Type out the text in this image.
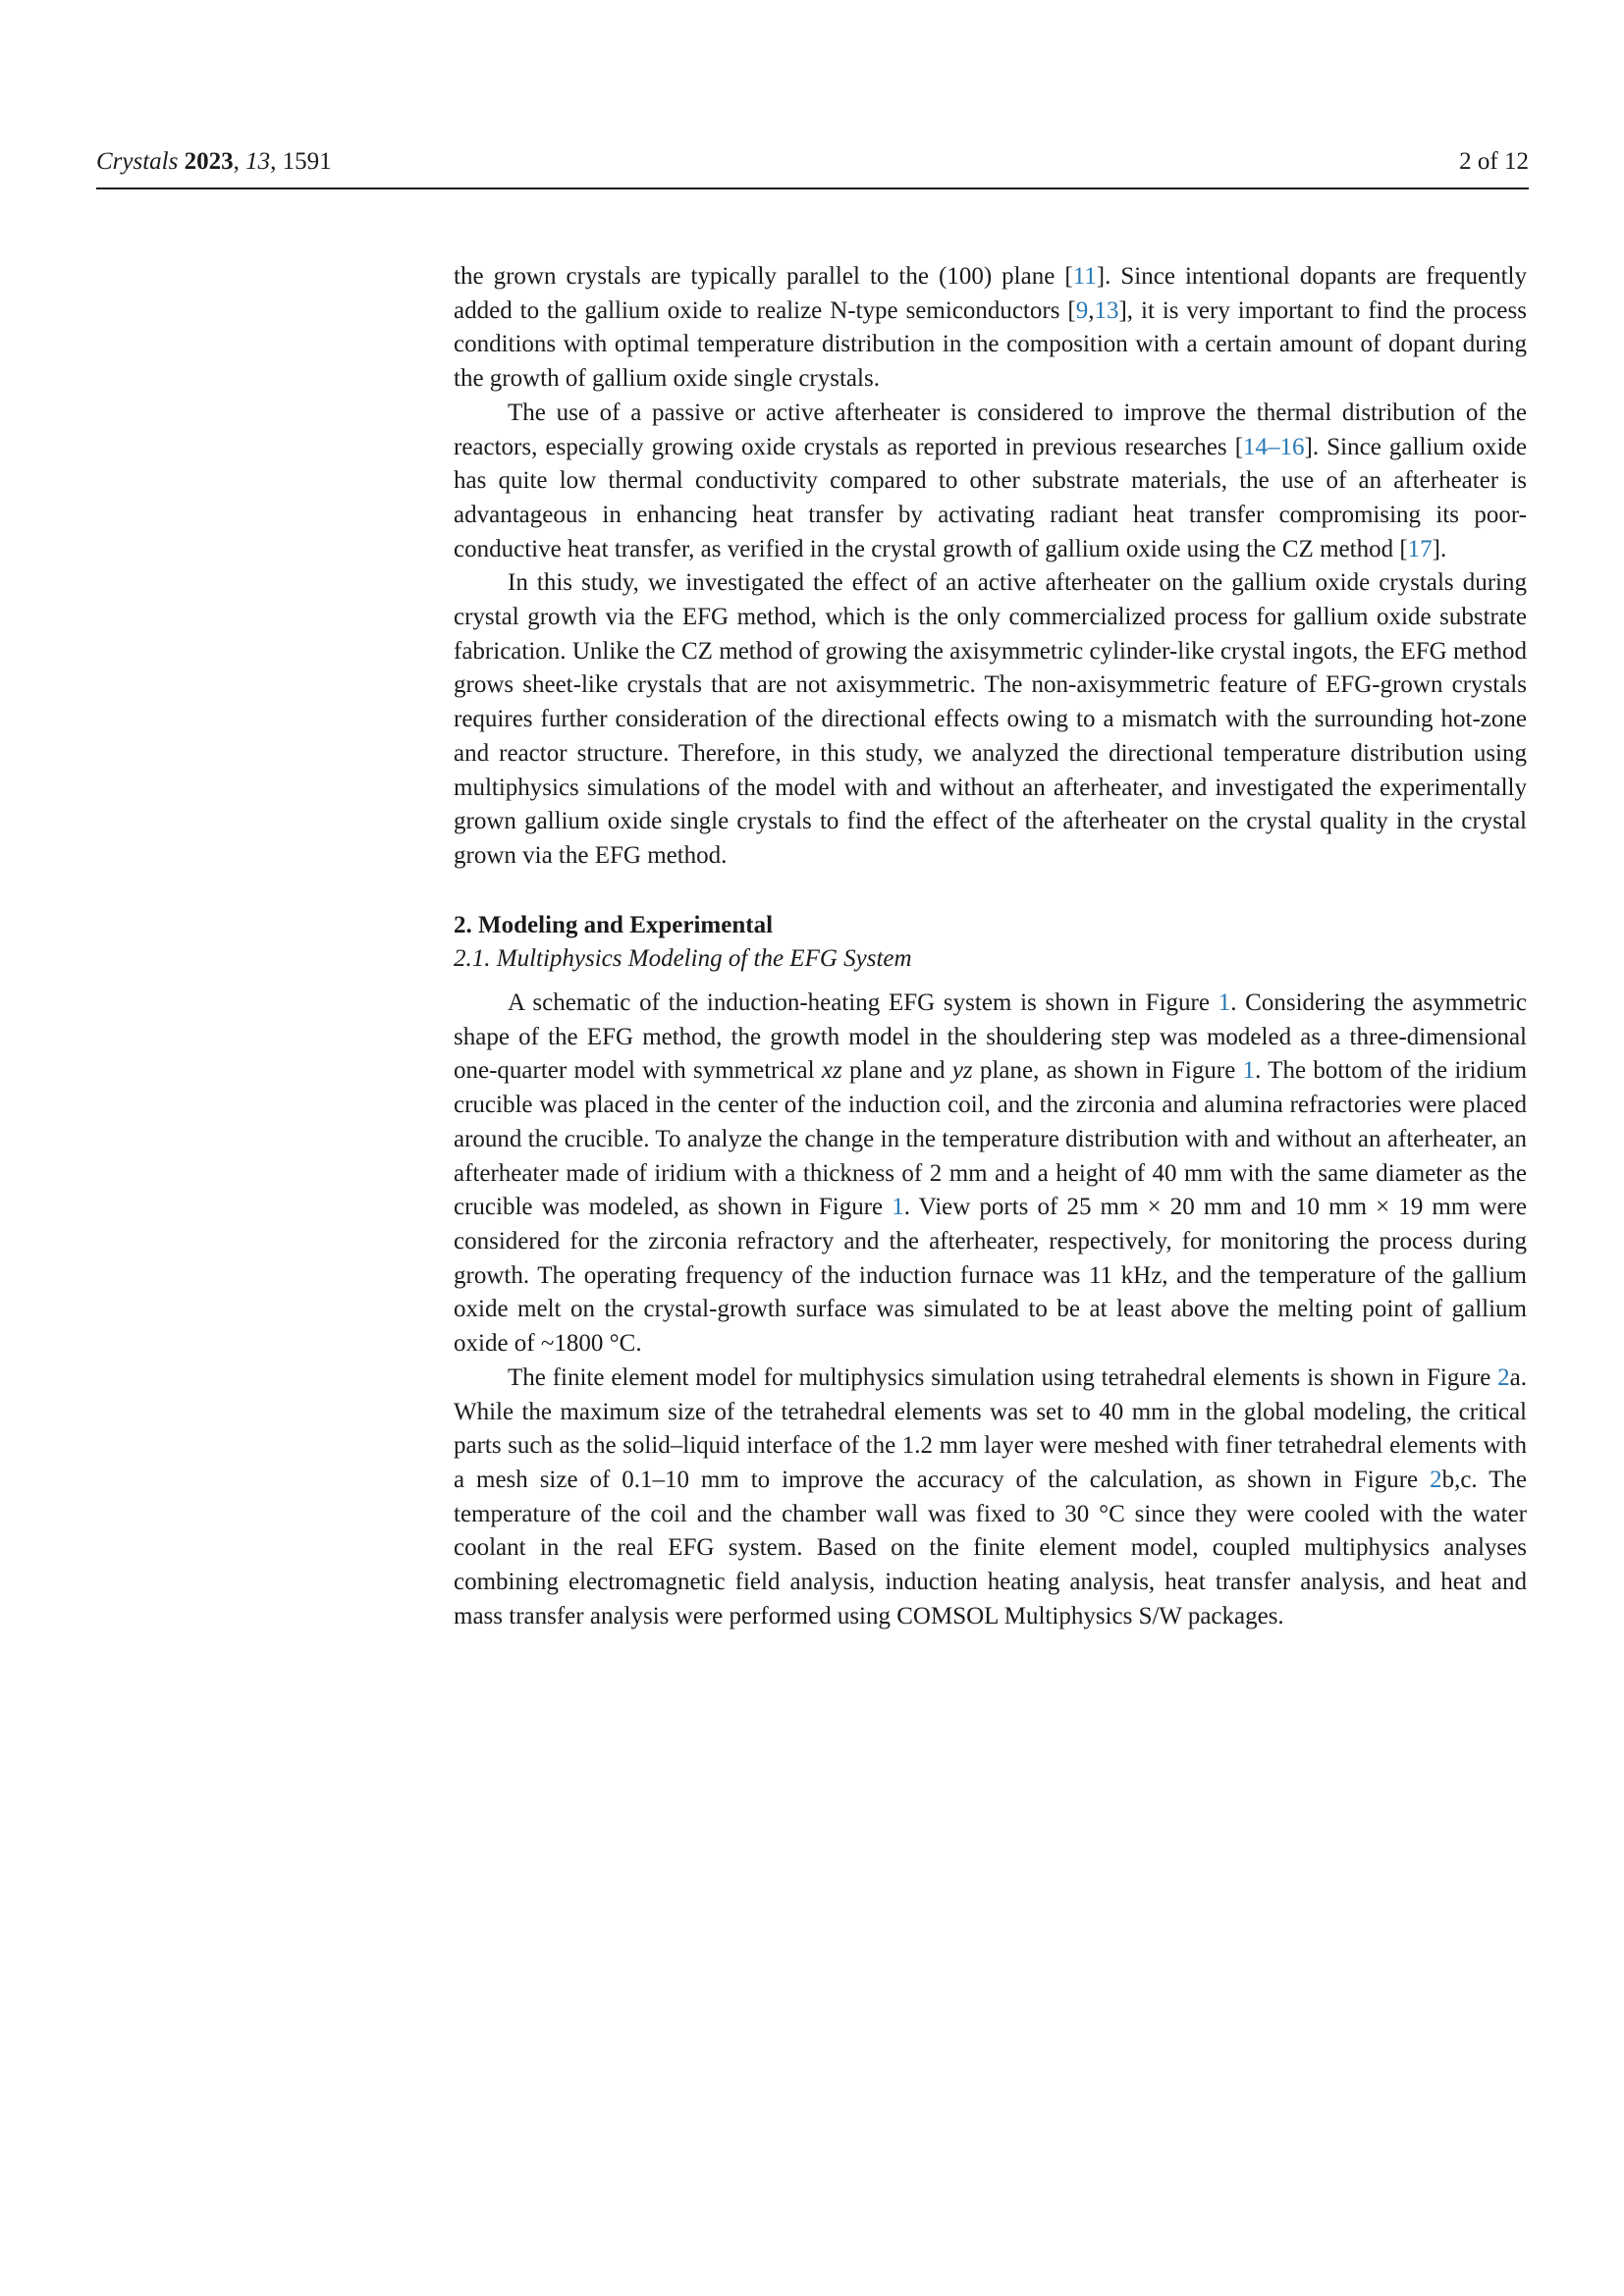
Crystals 2023, 13, 1591	2 of 12

the grown crystals are typically parallel to the (100) plane [11]. Since intentional dopants are frequently added to the gallium oxide to realize N-type semiconductors [9,13], it is very important to find the process conditions with optimal temperature distribution in the composition with a certain amount of dopant during the growth of gallium oxide single crystals.

The use of a passive or active afterheater is considered to improve the thermal distribution of the reactors, especially growing oxide crystals as reported in previous researches [14–16]. Since gallium oxide has quite low thermal conductivity compared to other substrate materials, the use of an afterheater is advantageous in enhancing heat transfer by activating radiant heat transfer compromising its poor-conductive heat transfer, as verified in the crystal growth of gallium oxide using the CZ method [17].

In this study, we investigated the effect of an active afterheater on the gallium oxide crystals during crystal growth via the EFG method, which is the only commercialized process for gallium oxide substrate fabrication. Unlike the CZ method of growing the axisymmetric cylinder-like crystal ingots, the EFG method grows sheet-like crystals that are not axisymmetric. The non-axisymmetric feature of EFG-grown crystals requires further consideration of the directional effects owing to a mismatch with the surrounding hot-zone and reactor structure. Therefore, in this study, we analyzed the directional temperature distribution using multiphysics simulations of the model with and without an afterheater, and investigated the experimentally grown gallium oxide single crystals to find the effect of the afterheater on the crystal quality in the crystal grown via the EFG method.

2. Modeling and Experimental
2.1. Multiphysics Modeling of the EFG System

A schematic of the induction-heating EFG system is shown in Figure 1. Considering the asymmetric shape of the EFG method, the growth model in the shouldering step was modeled as a three-dimensional one-quarter model with symmetrical xz plane and yz plane, as shown in Figure 1. The bottom of the iridium crucible was placed in the center of the induction coil, and the zirconia and alumina refractories were placed around the crucible. To analyze the change in the temperature distribution with and without an afterheater, an afterheater made of iridium with a thickness of 2 mm and a height of 40 mm with the same diameter as the crucible was modeled, as shown in Figure 1. View ports of 25 mm × 20 mm and 10 mm × 19 mm were considered for the zirconia refractory and the afterheater, respectively, for monitoring the process during growth. The operating frequency of the induction furnace was 11 kHz, and the temperature of the gallium oxide melt on the crystal-growth surface was simulated to be at least above the melting point of gallium oxide of ~1800 °C.

The finite element model for multiphysics simulation using tetrahedral elements is shown in Figure 2a. While the maximum size of the tetrahedral elements was set to 40 mm in the global modeling, the critical parts such as the solid–liquid interface of the 1.2 mm layer were meshed with finer tetrahedral elements with a mesh size of 0.1–10 mm to improve the accuracy of the calculation, as shown in Figure 2b,c. The temperature of the coil and the chamber wall was fixed to 30 °C since they were cooled with the water coolant in the real EFG system. Based on the finite element model, coupled multiphysics analyses combining electromagnetic field analysis, induction heating analysis, heat transfer analysis, and heat and mass transfer analysis were performed using COMSOL Multiphysics S/W packages.
